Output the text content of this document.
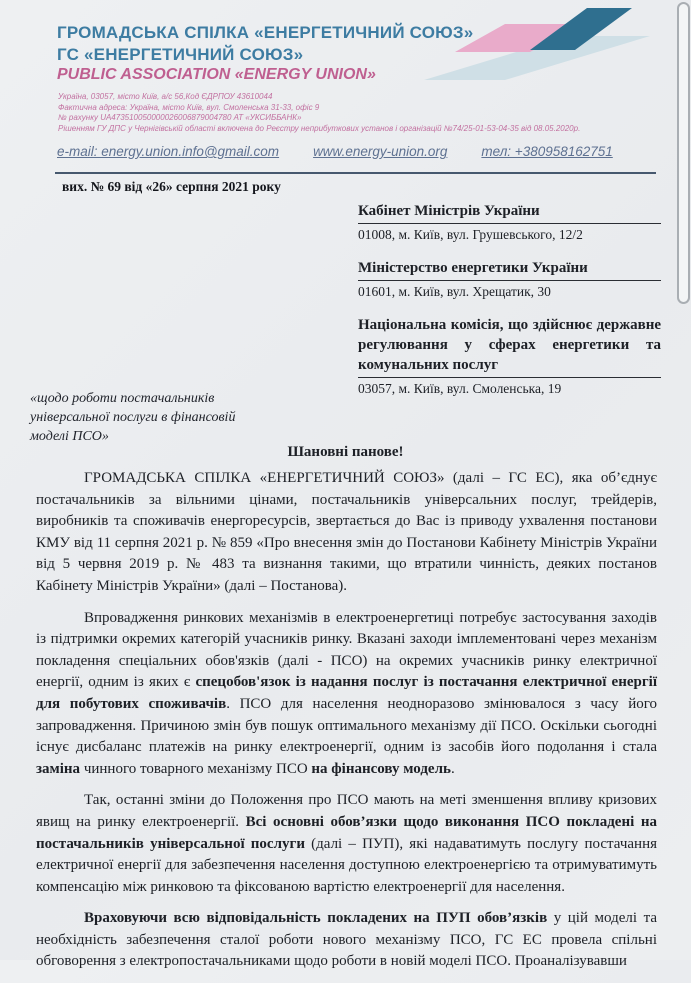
ГРОМАДСЬКА СПІЛКА «ЕНЕРГЕТИЧНИЙ СОЮЗ»
ГС «ЕНЕРГЕТИЧНИЙ СОЮЗ»
PUBLIC ASSOCIATION «ENERGY UNION»
Україна, 03057, місто Київ, а/с 56,Код ЄДРПОУ 43610044
Фактична адреса: Україна, місто Київ, вул. Смоленська 31-33, офіс 9
№ рахунку UA473510050000026006879004780 АТ «УКСИББАНК»
Рішенням ГУ ДПС у Чернігівській області включена до Реєстру неприбуткових установ і організацій №74/25-01-53-04-35 від 08.05.2020р.
e-mail: energy.union.info@gmail.com	www.energy-union.org	тел: +380958162751
вих. № 69 від «26» серпня 2021 року
Кабінет Міністрів України
01008, м. Київ, вул. Грушевського, 12/2
Міністерство енергетики України
01601, м. Київ, вул. Хрещатик, 30
Національна комісія, що здійснює державне регулювання у сферах енергетики та комунальних послуг
03057, м. Київ, вул. Смоленська, 19
«щодо роботи постачальників
універсальної послуги в фінансовій
моделі ПСО»
Шановні панове!

ГРОМАДСЬКА СПІЛКА «ЕНЕРГЕТИЧНИЙ СОЮЗ» (далі – ГС ЕС), яка об’єднує постачальників за вільними цінами, постачальників універсальних послуг, трейдерів, виробників та споживачів енергоресурсів, звертається до Вас із приводу ухвалення постанови КМУ від 11 серпня 2021 р. № 859 «Про внесення змін до Постанови Кабінету Міністрів України від 5 червня 2019 р. № 483 та визнання такими, що втратили чинність, деяких постанов Кабінету Міністрів України» (далі – Постанова).

Впровадження ринкових механізмів в електроенергетиці потребує застосування заходів із підтримки окремих категорій учасників ринку. Вказані заходи імплементовані через механізм покладення спеціальних обов'язків (далі - ПСО) на окремих учасників ринку електричної енергії, одним із яких є спецобов'язок із надання послуг із постачання електричної енергії для побутових споживачів. ПСО для населення неодноразово змінювалося з часу його запровадження. Причиною змін був пошук оптимального механізму дії ПСО. Оскільки сьогодні існує дисбаланс платежів на ринку електроенергії, одним із засобів його подолання і стала заміна чинного товарного механізму ПСО на фінансову модель.

Так, останні зміни до Положення про ПСО мають на меті зменшення впливу кризових явищ на ринку електроенергії. Всі основні обов’язки щодо виконання ПСО покладені на постачальників універсальної послуги (далі – ПУП), які надаватимуть послугу постачання електричної енергії для забезпечення населення доступною електроенергією та отримуватимуть компенсацію між ринковою та фіксованою вартістю електроенергії для населення.

Враховуючи всю відповідальність покладених на ПУП обов’язків у цій моделі та необхідність забезпечення сталої роботи нового механізму ПСО, ГС ЕС провела спільні обговорення з електропостачальниками щодо роботи в новій моделі ПСО. Проаналізувавши
